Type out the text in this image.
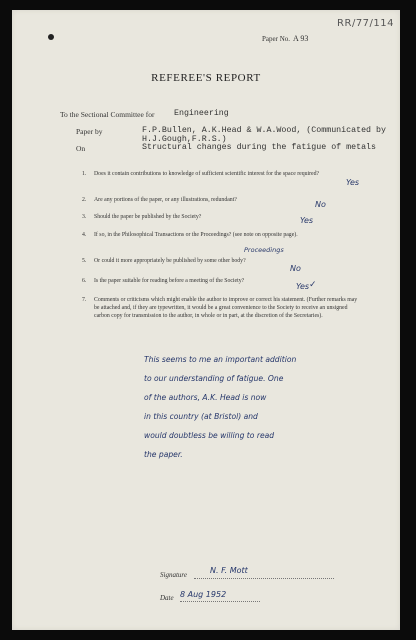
RR/77/114
Paper No. A 93
REFEREE'S REPORT
To the Sectional Committee for Engineering
Paper by	F.P.Bullen, A.K.Head & W.A.Wood, (Communicated by
H.J.Gough,F.R.S.)
On	Structural changes during the fatigue of metals
1. Does it contain contributions to knowledge of sufficient scientific interest for the space required?
Yes
2. Are any portions of the paper, or any illustrations, redundant?	No
3. Should the paper be published by the Society?	Yes
4. If so, in the Philosophical Transactions or the Proceedings? (see note on opposite page).
Proceedings
5. Or could it more appropriately be published by some other body?
No
6. Is the paper suitable for reading before a meeting of the Society?
Yes ✓
7. Comments or criticisms which might enable the author to improve or correct his statement. (Further remarks may be attached and, if they are typewritten, it would be a great convenience to the Society to receive an unsigned carbon copy for transmission to the author, in whole or in part, at the discretion of the Secretaries).
This seems to me an important addition
to our understanding of fatigue. One
of the authors, A.K. Head is now
in this country (at Bristol) and
would doubtless be willing to read
the paper.
Signature	N. F. Mott
Date 8 Aug 1952
